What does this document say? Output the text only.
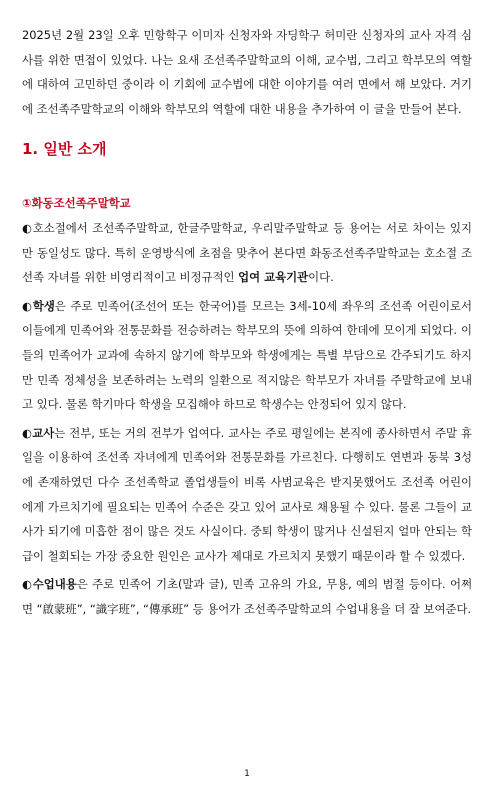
2025년 2월 23일 오후 민항학구 이미자 신청자와 자딩학구 허미란 신청자의 교사 자격 심사를 위한 면접이 있었다. 나는 요새 조선족주말학교의 이해, 교수법, 그리고 학부모의 역할에 대하여 고민하던 중이라 이 기회에 교수법에 대한 이야기를 여러 면에서 해 보았다. 거기에 조선족주말학교의 이해와 학부모의 역할에 대한 내용을 추가하여 이 글을 만들어 본다.

1. 일반 소개
①화동조선족주말학교

◐호소절에서 조선족주말학교, 한글주말학교, 우리말주말학교 등 용어는 서로 차이는 있지만 동일성도 많다. 특히 운영방식에 초점을 맞추어 본다면 화동조선족주말학교는 호소절 조선족 자녀를 위한 비영리적이고 비정규적인 업여 교육기관이다.

◐학생은 주로 민족어(조선어 또는 한국어)를 모르는 3세-10세 좌우의 조선족 어린이로서 이들에게 민족어와 전통문화를 전승하려는 학부모의 뜻에 의하여 한데에 모이게 되었다. 이들의 민족어가 교과에 속하지 않기에 학부모와 학생에게는 특별 부담으로 간주되기도 하지만 민족 정체성을 보존하려는 노력의 일환으로 적지않은 학부모가 자녀를 주말학교에 보내고 있다. 물론 학기마다 학생을 모집해야 하므로 학생수는 안정되어 있지 않다.

◐교사는 전부, 또는 거의 전부가 업여다. 교사는 주로 평일에는 본직에 종사하면서 주말 휴일을 이용하여 조선족 자녀에게 민족어와 전통문화를 가르친다. 다행히도 연변과 동북 3성에 존재하였던 다수 조선족학교 졸업생들이 비록 사범교육은 받지못했어도 조선족 어린이에게 가르치기에 필요되는 민족어 수준은 갖고 있어 교사로 채용될 수 있다. 물론 그들이 교사가 되기에 미흡한 점이 많은 것도 사실이다. 중퇴 학생이 많거나 신설된지 얼마 안되는 학급이 철회되는 가장 중요한 원인은 교사가 제대로 가르치지 못했기 때문이라 할 수 있겠다.

◐수업내용은 주로 민족어 기초(말과 글), 민족 고유의 가요, 무용, 예의 범절 등이다. 어쩌면 “啟蒙班”, “識字班”, “傳承班” 등 용어가 조선족주말학교의 수업내용을 더 잘 보여준다.

1
